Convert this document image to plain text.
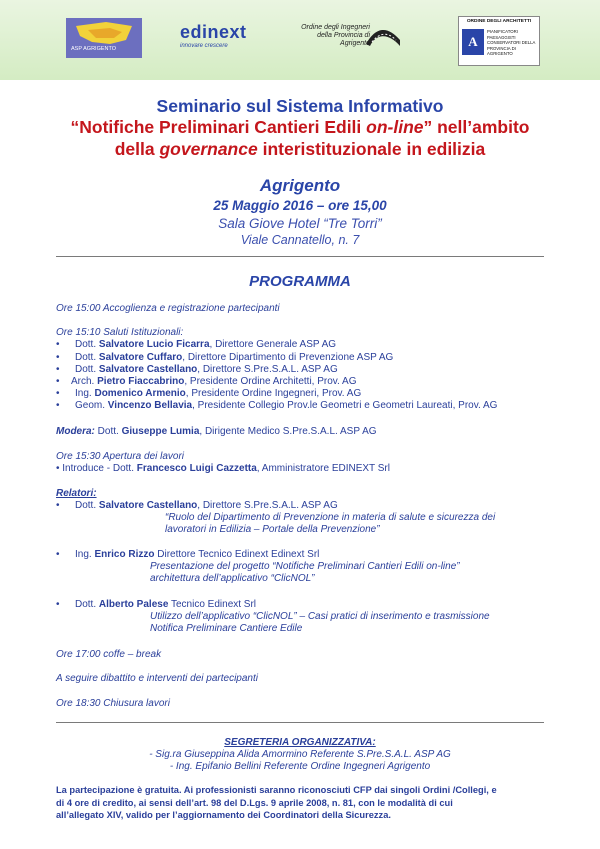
ASP AGRIGENTO
edinext
innovare crescere
Ordine degli Ingegneri della Provincia di Agrigento
ORDINE DEGLI ARCHITETTI
A
PIANIFICATORI PAESAGGISTI CONSERVATORI DELLA PROVINCIA DI AGRIGENTO
Seminario sul Sistema Informativo
“Notifiche Preliminari Cantieri Edili on-line” nell’ambito
della governance interistituzionale in edilizia
Agrigento
25 Maggio 2016 – ore 15,00
Sala Giove Hotel “Tre Torri”
Viale Cannatello, n. 7
PROGRAMMA
Ore 15:00 Accoglienza e registrazione partecipanti
Ore 15:10 Saluti Istituzionali:
• Dott. Salvatore Lucio Ficarra, Direttore Generale ASP AG
• Dott. Salvatore Cuffaro, Direttore Dipartimento di Prevenzione ASP AG
• Dott. Salvatore Castellano, Direttore S.Pre.S.A.L. ASP AG
• Arch. Pietro Fiaccabrino, Presidente Ordine Architetti, Prov. AG
• Ing. Domenico Armenio, Presidente Ordine Ingegneri, Prov. AG
• Geom. Vincenzo Bellavia, Presidente Collegio Prov.le Geometri e Geometri Laureati, Prov. AG
Modera: Dott. Giuseppe Lumia, Dirigente Medico S.Pre.S.A.L. ASP AG
Ore 15:30 Apertura dei lavori
• Introduce - Dott. Francesco Luigi Cazzetta, Amministratore EDINEXT Srl
Relatori:
• Dott. Salvatore Castellano, Direttore S.Pre.S.A.L. ASP AG
“Ruolo del Dipartimento di Prevenzione in materia di salute e sicurezza dei
lavoratori in Edilizia – Portale della Prevenzione”
• Ing. Enrico Rizzo Direttore Tecnico Edinext Edinext Srl
Presentazione del progetto “Notifiche Preliminari Cantieri Edili on-line”
architettura dell’applicativo “ClicNOL”
• Dott. Alberto Palese Tecnico Edinext Srl
Utilizzo dell’applicativo “ClicNOL” – Casi pratici di inserimento e trasmissione
Notifica Preliminare Cantiere Edile
Ore 17:00 coffe – break
A seguire dibattito e interventi dei partecipanti
Ore 18:30 Chiusura lavori
SEGRETERIA ORGANIZZATIVA:
- Sig.ra Giuseppina Alida Amormino Referente S.Pre.S.A.L. ASP AG
- Ing. Epifanio Bellini Referente Ordine Ingegneri Agrigento
La partecipazione è gratuita. Ai professionisti saranno riconosciuti CFP dai singoli Ordini /Collegi, e
di 4 ore di credito, ai sensi dell’art. 98 del D.Lgs. 9 aprile 2008, n. 81, con le modalità di cui
all’allegato XIV, valido per l’aggiornamento dei Coordinatori della Sicurezza.
